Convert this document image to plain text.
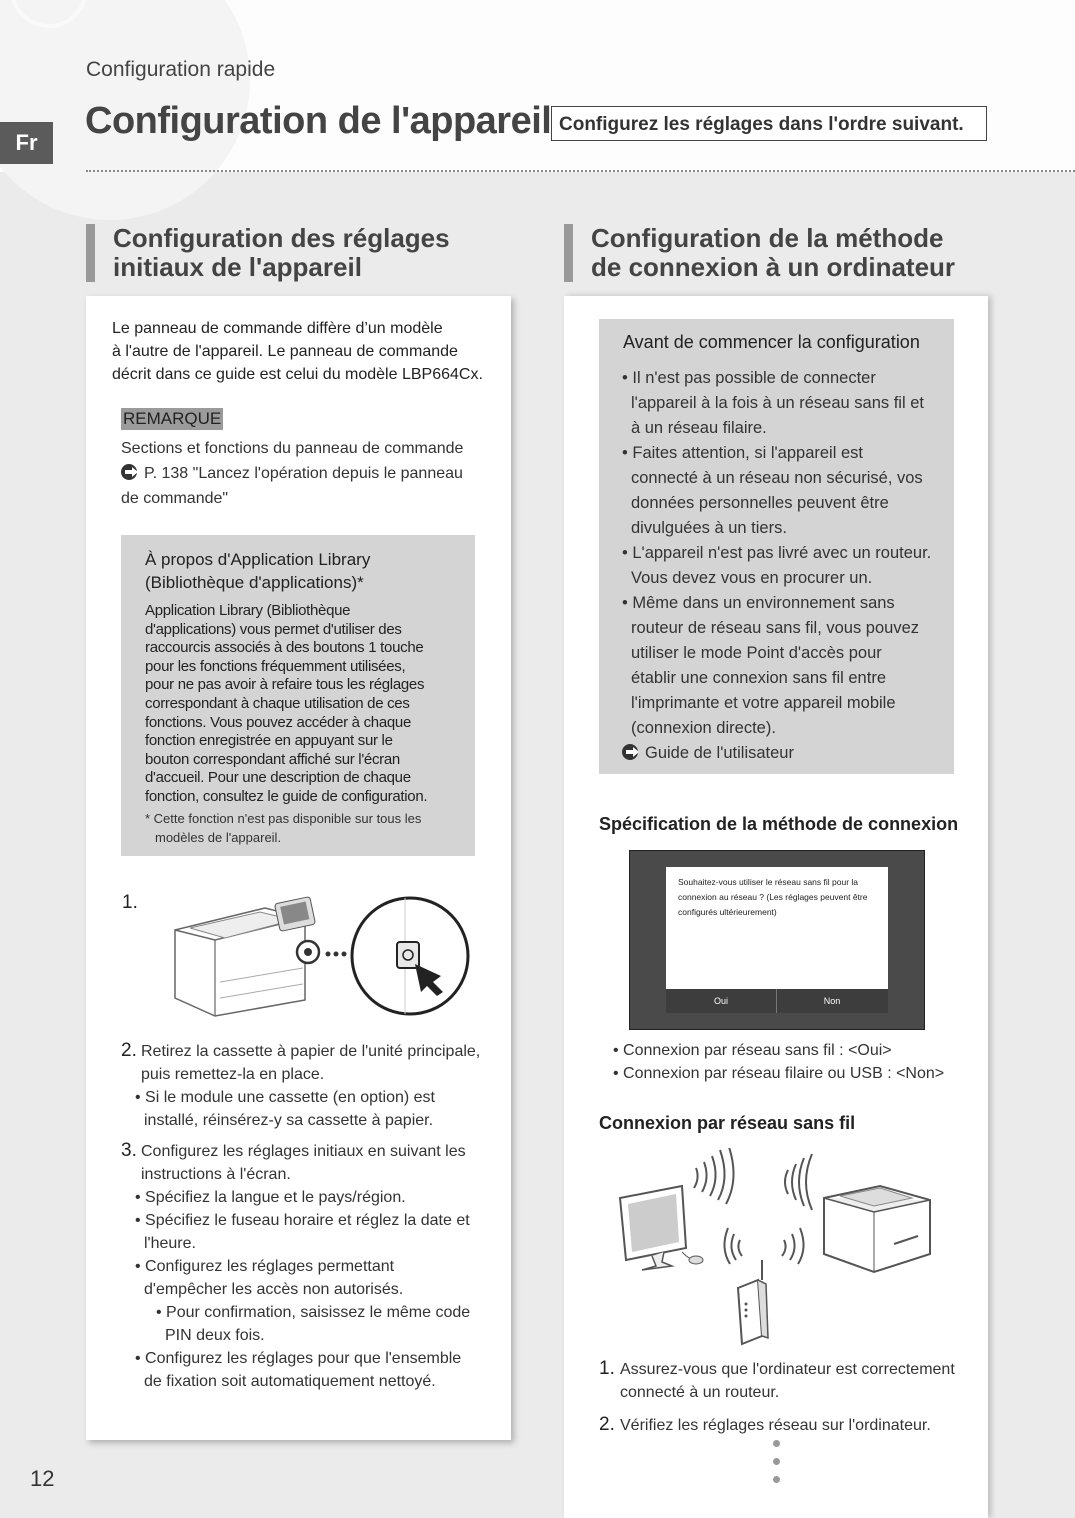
Fr
Configuration rapide
Configuration de l'appareil Configurez les réglages dans l'ordre suivant.
Configuration des réglages
initiaux de l'appareil
Le panneau de commande diffère d’un modèle
à l'autre de l'appareil. Le panneau de commande
décrit dans ce guide est celui du modèle LBP664Cx.
REMARQUE
Sections et fonctions du panneau de commande
P. 138 "Lancez l'opération depuis le panneau
de commande"
À propos d'Application Library
(Bibliothèque d'applications)*
Application Library (Bibliothèque
d'applications) vous permet d'utiliser des
raccourcis associés à des boutons 1 touche
pour les fonctions fréquemment utilisées,
pour ne pas avoir à refaire tous les réglages
correspondant à chaque utilisation de ces
fonctions. Vous pouvez accéder à chaque
fonction enregistrée en appuyant sur le
bouton correspondant affiché sur l'écran
d'accueil. Pour une description de chaque
fonction, consultez le guide de configuration.
* Cette fonction n'est pas disponible sur tous les
modèles de l'appareil.
1.
2. Retirez la cassette à papier de l'unité principale,
puis remettez-la en place.
• Si le module une cassette (en option) est
installé, réinsérez-y sa cassette à papier.
3. Configurez les réglages initiaux en suivant les
instructions à l'écran.
• Spécifiez la langue et le pays/région.
• Spécifiez le fuseau horaire et réglez la date et
l'heure.
• Configurez les réglages permettant
d'empêcher les accès non autorisés.
• Pour confirmation, saisissez le même code
PIN deux fois.
• Configurez les réglages pour que l'ensemble
de fixation soit automatiquement nettoyé.
Configuration de la méthode
de connexion à un ordinateur
Avant de commencer la configuration
• Il n'est pas possible de connecter
l'appareil à la fois à un réseau sans fil et
à un réseau filaire.
• Faites attention, si l'appareil est
connecté à un réseau non sécurisé, vos
données personnelles peuvent être
divulguées à un tiers.
• L'appareil n'est pas livré avec un routeur.
Vous devez vous en procurer un.
• Même dans un environnement sans
routeur de réseau sans fil, vous pouvez
utiliser le mode Point d'accès pour
établir une connexion sans fil entre
l'imprimante et votre appareil mobile
(connexion directe).
Guide de l'utilisateur
Spécification de la méthode de connexion
Souhaitez-vous utiliser le réseau sans fil pour la connexion au réseau ? (Les réglages peuvent être configurés ultérieurement)
Oui	Non
• Connexion par réseau sans fil : <Oui>
• Connexion par réseau filaire ou USB : <Non>
Connexion par réseau sans fil
1. Assurez-vous que l'ordinateur est correctement
connecté à un routeur.
2. Vérifiez les réglages réseau sur l'ordinateur.
12
